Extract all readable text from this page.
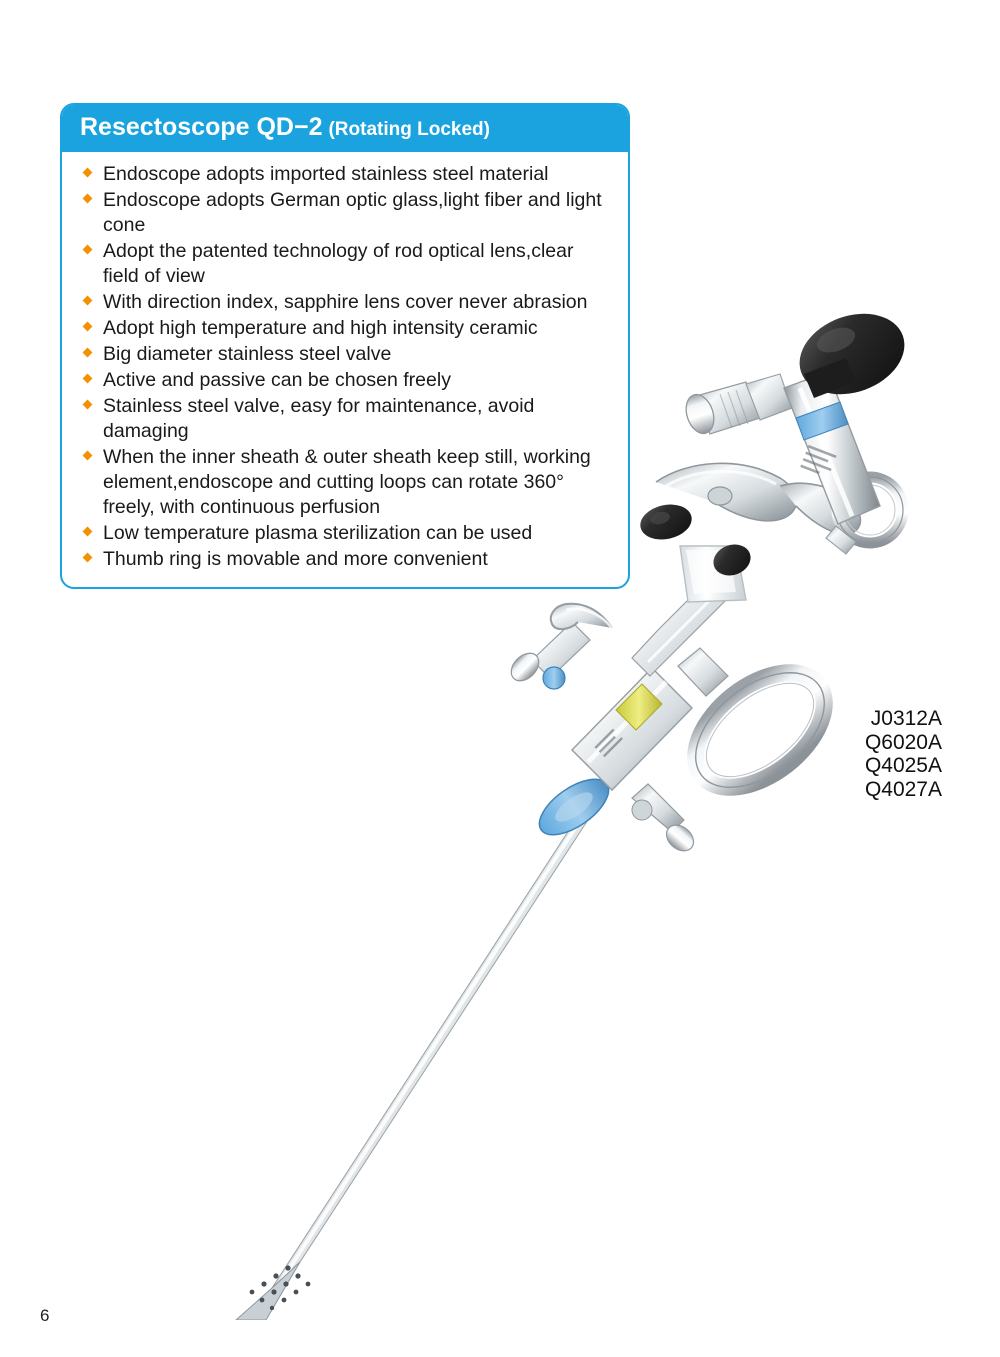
Resectoscope QD−2 (Rotating Locked)
Endoscope adopts imported stainless steel material
Endoscope adopts German optic glass,light fiber and light cone
Adopt the patented technology of rod optical lens,clear field of view
With direction index, sapphire lens cover never abrasion
Adopt high temperature and high intensity ceramic
Big diameter stainless steel valve
Active and passive can be chosen freely
Stainless steel valve, easy for maintenance, avoid damaging
When the inner sheath & outer sheath keep still, working element,endoscope and cutting loops can rotate 360° freely, with continuous perfusion
Low temperature plasma sterilization can be used
Thumb ring is movable and more convenient
J0312A
Q6020A
Q4025A
Q4027A
6
